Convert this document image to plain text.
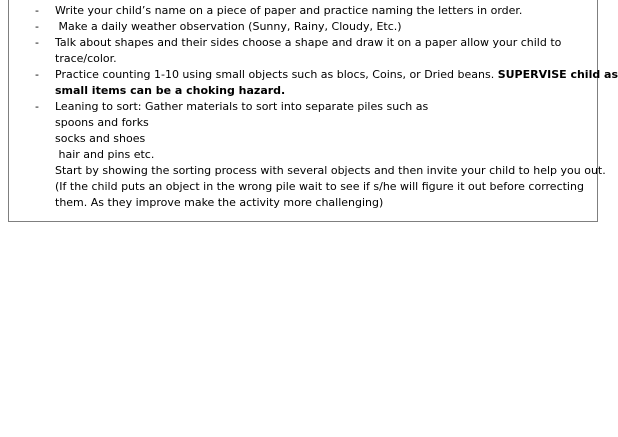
- Write your child’s name on a piece of paper and practice naming the letters in order.
- Make a daily weather observation (Sunny, Rainy, Cloudy, Etc.)
- Talk about shapes and their sides choose a shape and draw it on a paper allow your child to
trace/color.
- Practice counting 1-10 using small objects such as blocs, Coins, or Dried beans. SUPERVISE child as
small items can be a choking hazard.
- Leaning to sort: Gather materials to sort into separate piles such as
spoons and forks
socks and shoes
hair and pins etc.
Start by showing the sorting process with several objects and then invite your child to help you out.
(If the child puts an object in the wrong pile wait to see if s/he will figure it out before correcting
them. As they improve make the activity more challenging)
